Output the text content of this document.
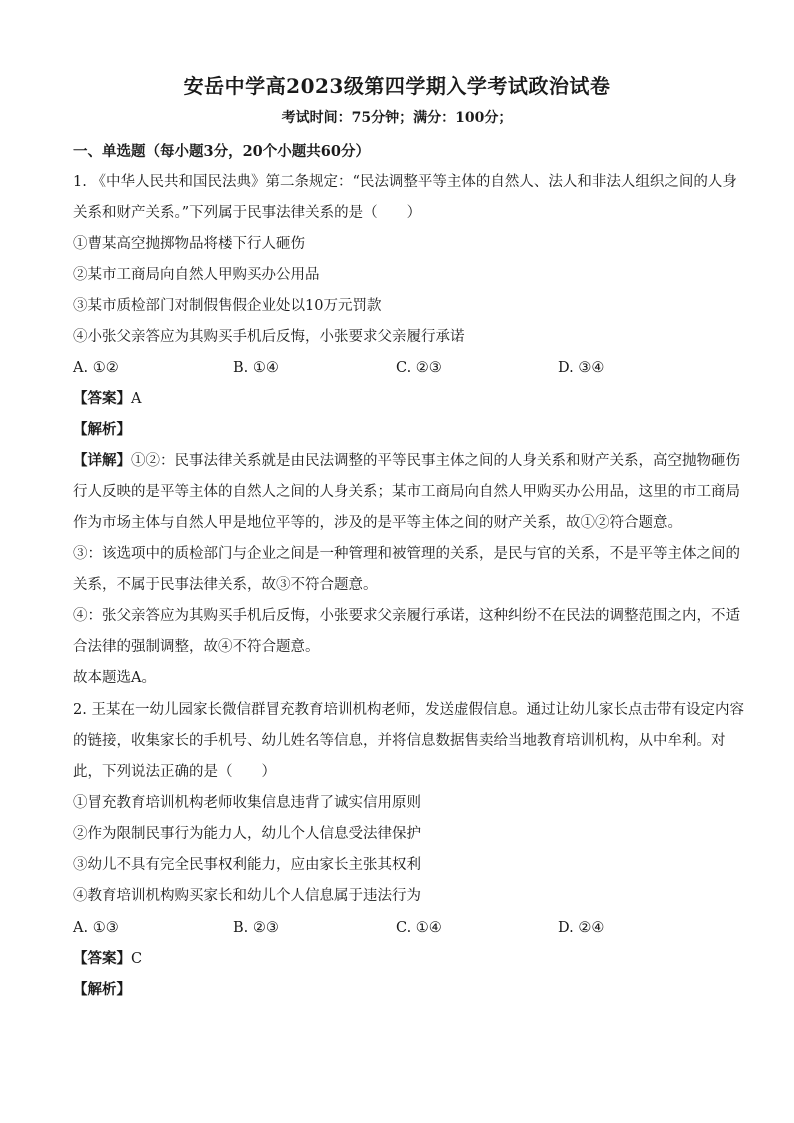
安岳中学高2023级第四学期入学考试政治试卷
考试时间：75分钟；满分：100分；
一、单选题（每小题3分，20个小题共60分）
1. 《中华人民共和国民法典》第二条规定：“民法调整平等主体的自然人、法人和非法人组织之间的人身
关系和财产关系。”下列属于民事法律关系的是（　　）
①曹某高空抛掷物品将楼下行人砸伤
②某市工商局向自然人甲购买办公用品
③某市质检部门对制假售假企业处以10万元罚款
④小张父亲答应为其购买手机后反悔，小张要求父亲履行承诺
A. ①②	B. ①④	C. ②③	D. ③④
【答案】A
【解析】
【详解】①②：民事法律关系就是由民法调整的平等民事主体之间的人身关系和财产关系，高空抛物砸伤
行人反映的是平等主体的自然人之间的人身关系；某市工商局向自然人甲购买办公用品，这里的市工商局
作为市场主体与自然人甲是地位平等的，涉及的是平等主体之间的财产关系，故①②符合题意。
③：该选项中的质检部门与企业之间是一种管理和被管理的关系，是民与官的关系，不是平等主体之间的
关系，不属于民事法律关系，故③不符合题意。
④：张父亲答应为其购买手机后反悔，小张要求父亲履行承诺，这种纠纷不在民法的调整范围之内，不适
合法律的强制调整，故④不符合题意。
故本题选A。
2. 王某在一幼儿园家长微信群冒充教育培训机构老师，发送虚假信息。通过让幼儿家长点击带有设定内容
的链接，收集家长的手机号、幼儿姓名等信息，并将信息数据售卖给当地教育培训机构，从中牟利。对
此，下列说法正确的是（　　）
①冒充教育培训机构老师收集信息违背了诚实信用原则
②作为限制民事行为能力人，幼儿个人信息受法律保护
③幼儿不具有完全民事权利能力，应由家长主张其权利
④教育培训机构购买家长和幼儿个人信息属于违法行为
A. ①③	B. ②③	C. ①④	D. ②④
【答案】C
【解析】
